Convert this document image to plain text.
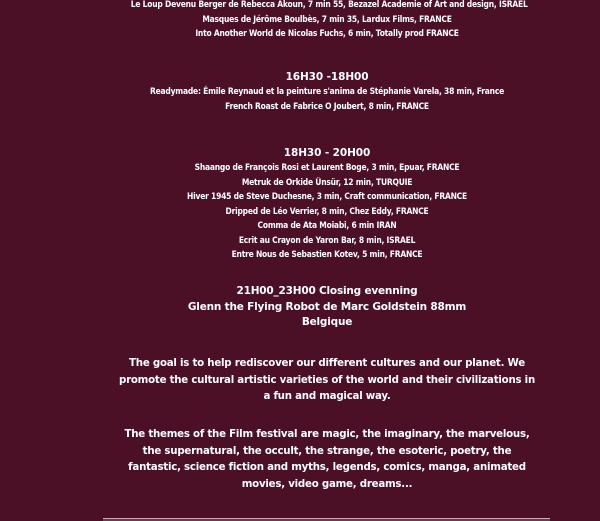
Le Loup Devenu Berger de Rebecca Akoun, 7 min 55, Bezazel Academie of Art and design, ISRAEL
Masques de Jérôme Boulbès, 7 min 35, Lardux Films, FRANCE
Into Another World de Nicolas Fuchs, 6 min, Totally prod FRANCE
16H30 -18H00
Readymade: Émile Reynaud et la peinture s'anima de Stéphanie Varela, 38 min, France
French Roast de Fabrice O Joubert, 8 min, FRANCE
18H30 - 20H00
Shaango de François Rosi et Laurent Boge, 3 min, Epuar, FRANCE
Metruk de Orkide Ünsür, 12 min, TURQUIE
Hiver 1945 de Steve Duchesne, 3 min, Craft communication, FRANCE
Dripped de Léo Verrier, 8 min, Chez Eddy, FRANCE
Comma de Ata Moiabi, 6 min IRAN
Ecrit au Crayon de Yaron Bar, 8 min, ISRAEL
Entre Nous de Sebastien Kotev, 5 min, FRANCE
21H00_23H00 Closing evenning
Glenn the Flying Robot de Marc Goldstein 88mm
Belgique
The goal is to help rediscover our different cultures and our planet. We promote the cultural artistic varieties of the world and their civilizations in a fun and magical way.
The themes of the Film festival are magic, the imaginary, the marvelous, the supernatural, the occult, the strange, the esoteric, poetry, the fantastic, science fiction and myths, legends, comics, manga, animated movies, video game, dreams...
